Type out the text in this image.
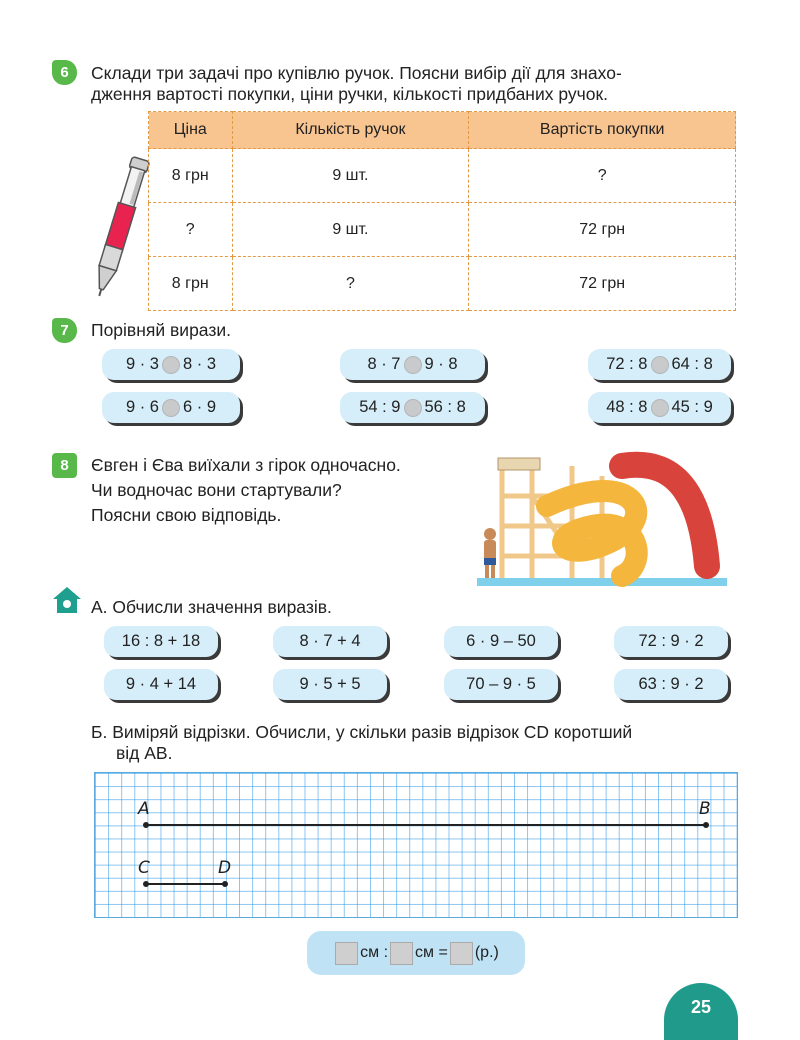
6	Склади три задачі про купівлю ручок. Поясни вибір дії для знахо-
дження вартості покупки, ціни ручки, кількості придбаних ручок.
Ціна	Кількість ручок	Вартість покупки
8 грн	9 шт.	?
?	9 шт.	72 грн
8 грн	?	72 грн
7	Порівняй вирази.
9 · 3 8 · 3	8 · 7 9 · 8	72 : 8 64 : 8
9 · 6 6 · 9	54 : 9 56 : 8	48 : 8 45 : 9
8	Євген і Єва виїхали з гірок одночасно.
Чи водночас вони стартували?
Поясни свою відповідь.
А. Обчисли значення виразів.
16 : 8 + 18	8 · 7 + 4	6 · 9 – 50	72 : 9 · 2
9 · 4 + 14	9 · 5 + 5	70 – 9 · 5	63 : 9 · 2
Б. Виміряй відрізки. Обчисли, у скільки разів відрізок CD коротший
від AB.
A	B
C	D
см : см = (р.)
25
